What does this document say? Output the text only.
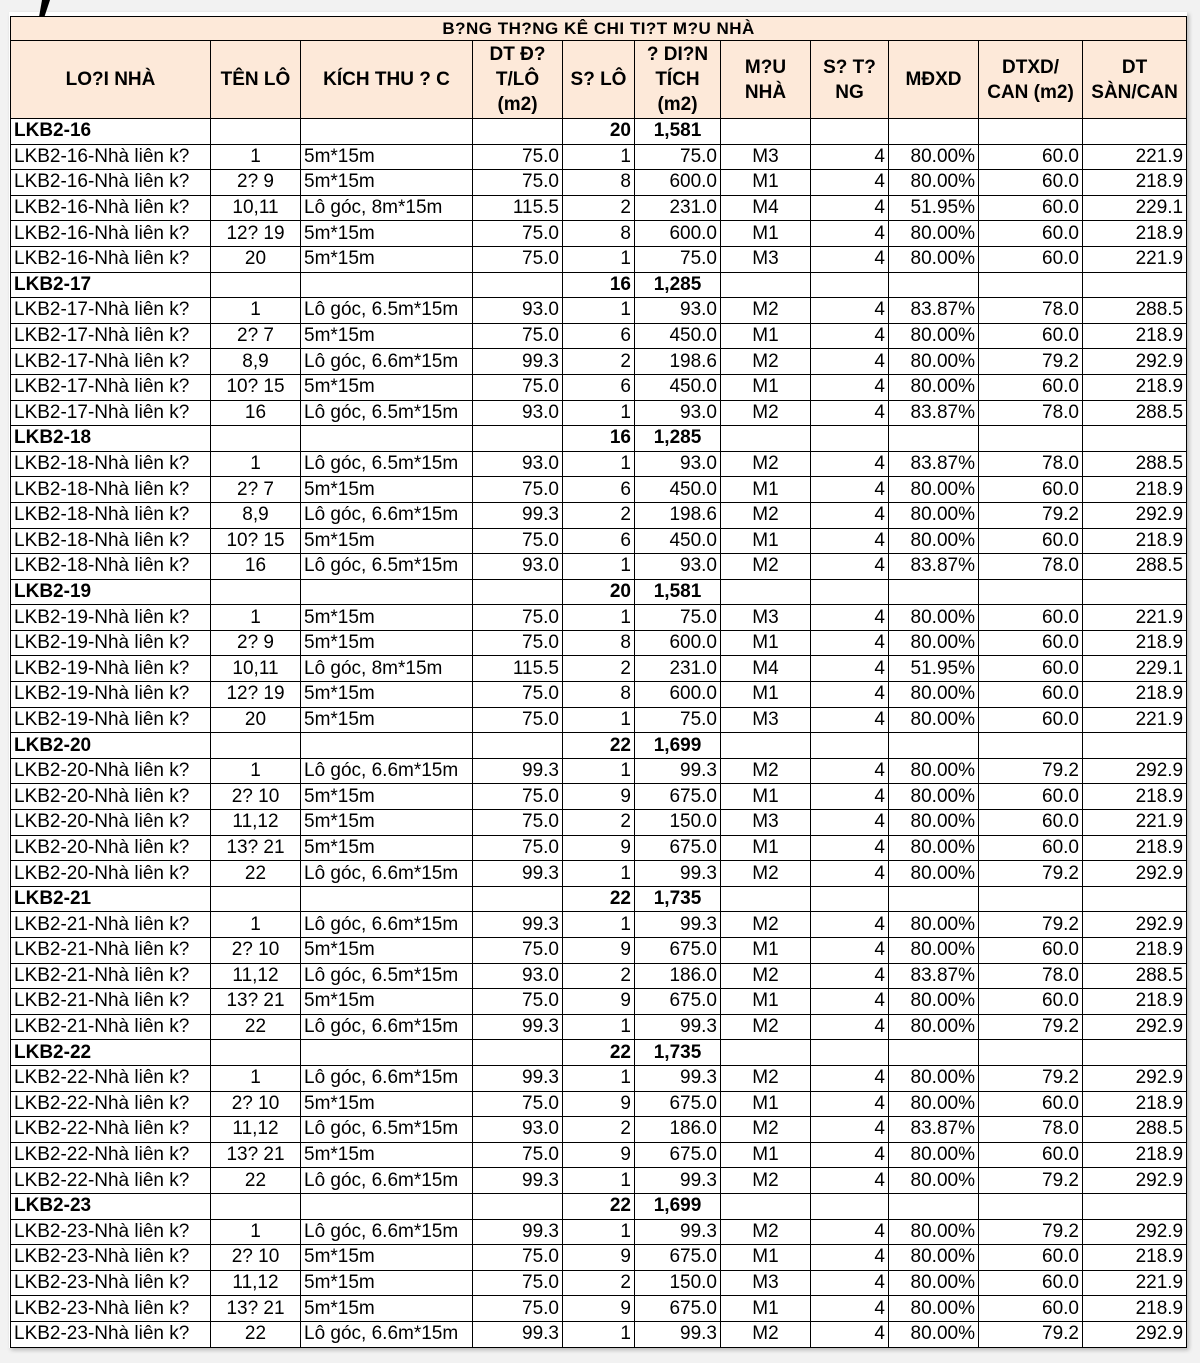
B?NG TH?NG KÊ CHI TI?T M?U NHÀ										
LO?I NHÀ	TÊN LÔ	KÍCH THU ? C	DT Đ?T/LÔ (m2)	S? LÔ	? DI?N TÍCH (m2)	M?U NHÀ	S? T?NG	MĐXD	DTXD/ CAN (m2)	DT SÀN/CAN
LKB2-16				20	1,581					
LKB2-16-Nhà liên k?	1	5m*15m	75.0	1	75.0	M3	4	80.00%	60.0	221.9
LKB2-16-Nhà liên k?	2? 9	5m*15m	75.0	8	600.0	M1	4	80.00%	60.0	218.9
LKB2-16-Nhà liên k?	10,11	Lô góc, 8m*15m	115.5	2	231.0	M4	4	51.95%	60.0	229.1
LKB2-16-Nhà liên k?	12? 19	5m*15m	75.0	8	600.0	M1	4	80.00%	60.0	218.9
LKB2-16-Nhà liên k?	20	5m*15m	75.0	1	75.0	M3	4	80.00%	60.0	221.9
LKB2-17				16	1,285					
LKB2-17-Nhà liên k?	1	Lô góc, 6.5m*15m	93.0	1	93.0	M2	4	83.87%	78.0	288.5
LKB2-17-Nhà liên k?	2? 7	5m*15m	75.0	6	450.0	M1	4	80.00%	60.0	218.9
LKB2-17-Nhà liên k?	8,9	Lô góc, 6.6m*15m	99.3	2	198.6	M2	4	80.00%	79.2	292.9
LKB2-17-Nhà liên k?	10? 15	5m*15m	75.0	6	450.0	M1	4	80.00%	60.0	218.9
LKB2-17-Nhà liên k?	16	Lô góc, 6.5m*15m	93.0	1	93.0	M2	4	83.87%	78.0	288.5
LKB2-18				16	1,285					
LKB2-18-Nhà liên k?	1	Lô góc, 6.5m*15m	93.0	1	93.0	M2	4	83.87%	78.0	288.5
LKB2-18-Nhà liên k?	2? 7	5m*15m	75.0	6	450.0	M1	4	80.00%	60.0	218.9
LKB2-18-Nhà liên k?	8,9	Lô góc, 6.6m*15m	99.3	2	198.6	M2	4	80.00%	79.2	292.9
LKB2-18-Nhà liên k?	10? 15	5m*15m	75.0	6	450.0	M1	4	80.00%	60.0	218.9
LKB2-18-Nhà liên k?	16	Lô góc, 6.5m*15m	93.0	1	93.0	M2	4	83.87%	78.0	288.5
LKB2-19				20	1,581					
LKB2-19-Nhà liên k?	1	5m*15m	75.0	1	75.0	M3	4	80.00%	60.0	221.9
LKB2-19-Nhà liên k?	2? 9	5m*15m	75.0	8	600.0	M1	4	80.00%	60.0	218.9
LKB2-19-Nhà liên k?	10,11	Lô góc, 8m*15m	115.5	2	231.0	M4	4	51.95%	60.0	229.1
LKB2-19-Nhà liên k?	12? 19	5m*15m	75.0	8	600.0	M1	4	80.00%	60.0	218.9
LKB2-19-Nhà liên k?	20	5m*15m	75.0	1	75.0	M3	4	80.00%	60.0	221.9
LKB2-20				22	1,699					
LKB2-20-Nhà liên k?	1	Lô góc, 6.6m*15m	99.3	1	99.3	M2	4	80.00%	79.2	292.9
LKB2-20-Nhà liên k?	2? 10	5m*15m	75.0	9	675.0	M1	4	80.00%	60.0	218.9
LKB2-20-Nhà liên k?	11,12	5m*15m	75.0	2	150.0	M3	4	80.00%	60.0	221.9
LKB2-20-Nhà liên k?	13? 21	5m*15m	75.0	9	675.0	M1	4	80.00%	60.0	218.9
LKB2-20-Nhà liên k?	22	Lô góc, 6.6m*15m	99.3	1	99.3	M2	4	80.00%	79.2	292.9
LKB2-21				22	1,735					
LKB2-21-Nhà liên k?	1	Lô góc, 6.6m*15m	99.3	1	99.3	M2	4	80.00%	79.2	292.9
LKB2-21-Nhà liên k?	2? 10	5m*15m	75.0	9	675.0	M1	4	80.00%	60.0	218.9
LKB2-21-Nhà liên k?	11,12	Lô góc, 6.5m*15m	93.0	2	186.0	M2	4	83.87%	78.0	288.5
LKB2-21-Nhà liên k?	13? 21	5m*15m	75.0	9	675.0	M1	4	80.00%	60.0	218.9
LKB2-21-Nhà liên k?	22	Lô góc, 6.6m*15m	99.3	1	99.3	M2	4	80.00%	79.2	292.9
LKB2-22				22	1,735					
LKB2-22-Nhà liên k?	1	Lô góc, 6.6m*15m	99.3	1	99.3	M2	4	80.00%	79.2	292.9
LKB2-22-Nhà liên k?	2? 10	5m*15m	75.0	9	675.0	M1	4	80.00%	60.0	218.9
LKB2-22-Nhà liên k?	11,12	Lô góc, 6.5m*15m	93.0	2	186.0	M2	4	83.87%	78.0	288.5
LKB2-22-Nhà liên k?	13? 21	5m*15m	75.0	9	675.0	M1	4	80.00%	60.0	218.9
LKB2-22-Nhà liên k?	22	Lô góc, 6.6m*15m	99.3	1	99.3	M2	4	80.00%	79.2	292.9
LKB2-23				22	1,699					
LKB2-23-Nhà liên k?	1	Lô góc, 6.6m*15m	99.3	1	99.3	M2	4	80.00%	79.2	292.9
LKB2-23-Nhà liên k?	2? 10	5m*15m	75.0	9	675.0	M1	4	80.00%	60.0	218.9
LKB2-23-Nhà liên k?	11,12	5m*15m	75.0	2	150.0	M3	4	80.00%	60.0	221.9
LKB2-23-Nhà liên k?	13? 21	5m*15m	75.0	9	675.0	M1	4	80.00%	60.0	218.9
LKB2-23-Nhà liên k?	22	Lô góc, 6.6m*15m	99.3	1	99.3	M2	4	80.00%	79.2	292.9
